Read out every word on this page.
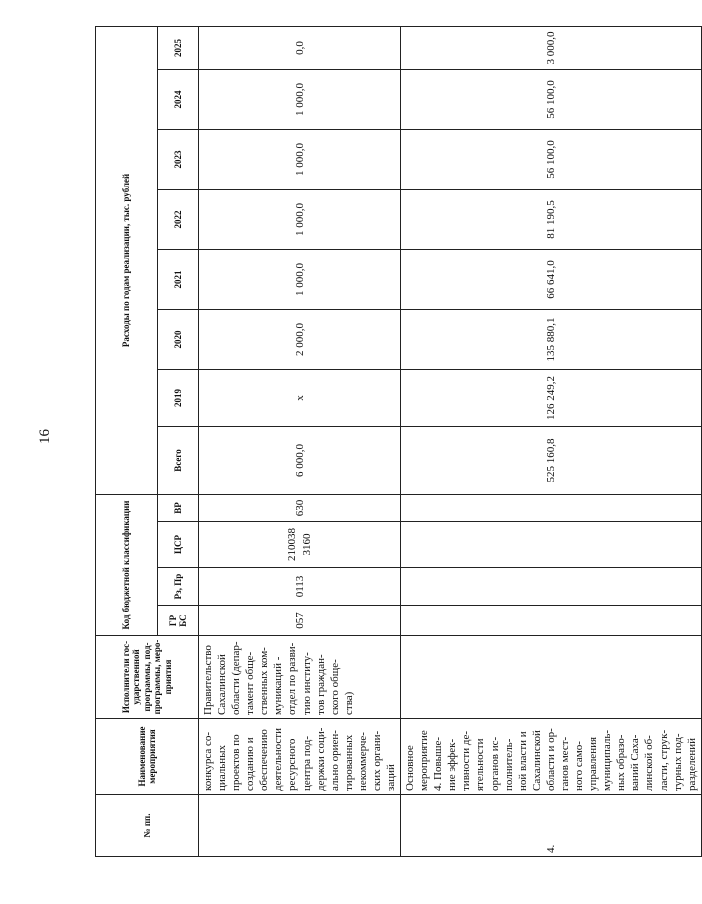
16
№ пп.	Наименование мероприятия	Исполнители гос-ударственной программы, под-программы, меро-приятия	Код бюджетной классификации				Расходы по годам реализации, тыс. рублей							
			ГР БС	Рз, Пр	ЦСР	ВР	Всего	2019	2020	2021	2022	2023	2024	2025
	конкурса со-циальных проектов по созданию и обеспечению деятельности ресурсного центра под-держки соци-ально ориен-тированных некоммерче-ских органи-заций	Правительство Сахалинской области (депар-тамент обще-ственных ком-муникаций - отдел по разви-тию институ-тов граждан-ского обще-ства)	057	0113	210038 3160	630	6 000,0	х	2 000,0	1 000,0	1 000,0	1 000,0	1 000,0	0,0
4.	Основное мероприятие 4. Повыше-ние эффек-тивности де-ятельности органов ис-полнитель-ной власти и Сахалинской области и ор-ганов мест-ного само-управления муниципаль-ных образо-ваний Саха-линской об-ласти, струк-турных под-разделений						525 160,8	126 249,2	135 880,1	66 641,0	81 190,5	56 100,0	56 100,0	3 000,0
